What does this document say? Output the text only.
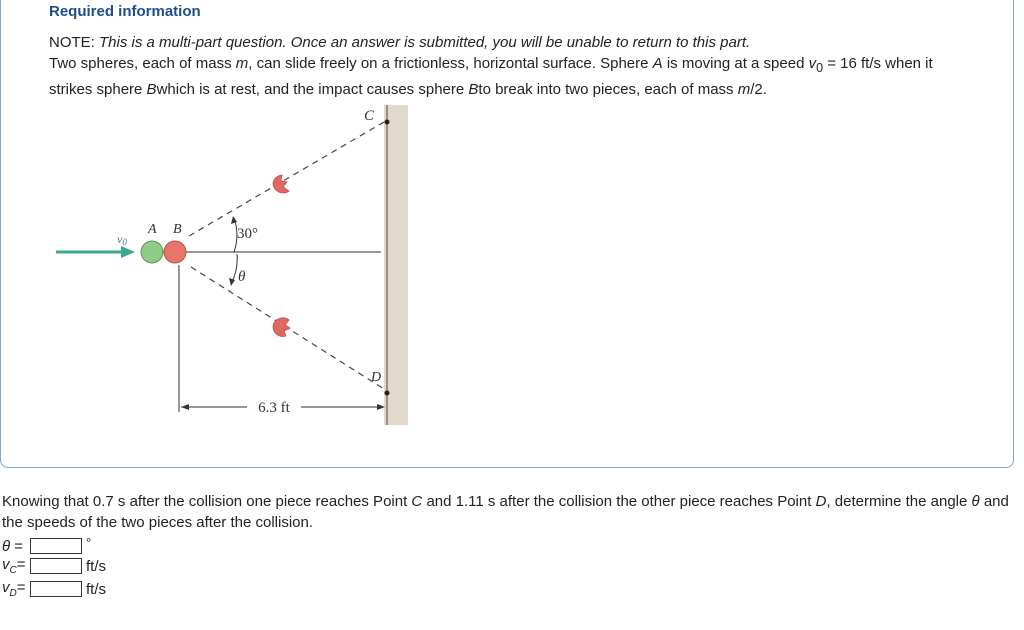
Required information
NOTE: This is a multi-part question. Once an answer is submitted, you will be unable to return to this part.
Two spheres, each of mass m, can slide freely on a frictionless, horizontal surface. Sphere A is moving at a speed $v_0 = 16$ ft/s when it strikes sphere Bwhich is at rest, and the impact causes sphere Bto break into two pieces, each of mass m/2.
6.3 ft
C
D
30°
θ
v0
A B
Knowing that 0.7 s after the collision one piece reaches Point C and 1.11 s after the collision the other piece reaches Point D, determine the angle θ and the speeds of the two pieces after the collision.
θ =	°
$v_C=$	ft/s
$v_D=$	ft/s
